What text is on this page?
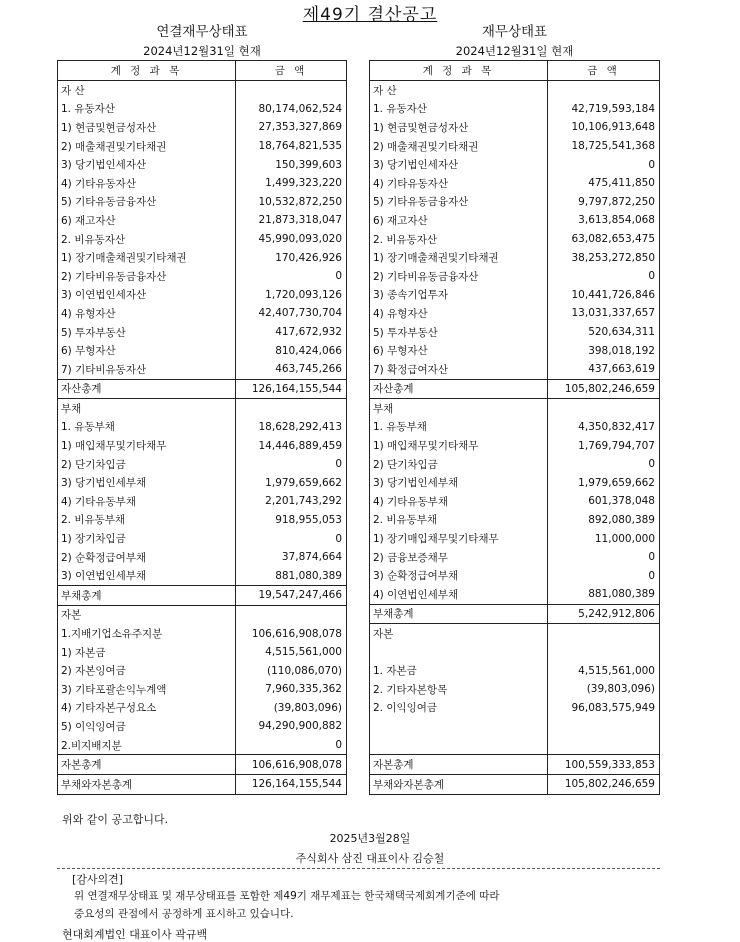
제49기 결산공고
연결재무상태표
2024년12월31일 현재
계 정 과 목	금 액
자 산	
1. 유동자산	80,174,062,524
1) 현금및현금성자산	27,353,327,869
2) 매출채권및기타채권	18,764,821,535
3) 당기법인세자산	150,399,603
4) 기타유동자산	1,499,323,220
5) 기타유동금융자산	10,532,872,250
6) 재고자산	21,873,318,047
2. 비유동자산	45,990,093,020
1) 장기매출채권및기타채권	170,426,926
2) 기타비유동금융자산	0
3) 이연법인세자산	1,720,093,126
4) 유형자산	42,407,730,704
5) 투자부동산	417,672,932
6) 무형자산	810,424,066
7) 기타비유동자산	463,745,266
자산총계	126,164,155,544
부채	
1. 유동부채	18,628,292,413
1) 매입채무및기타채무	14,446,889,459
2) 단기차입금	0
3) 당기법인세부채	1,979,659,662
4) 기타유동부채	2,201,743,292
2. 비유동부채	918,955,053
1) 장기차입금	0
2) 순확정급여부채	37,874,664
3) 이연법인세부채	881,080,389
부채총계	19,547,247,466
자본	
1.지배기업소유주지분	106,616,908,078
1) 자본금	4,515,561,000
2) 자본잉여금	(110,086,070)
3) 기타포괄손익누계액	7,960,335,362
4) 기타자본구성요소	(39,803,096)
5) 이익잉여금	94,290,900,882
2.비지배지분	0
자본총계	106,616,908,078
부채와자본총계	126,164,155,544
재무상태표
2024년12월31일 현재
계 정 과 목	금 액
자 산	
1. 유동자산	42,719,593,184
1) 현금및현금성자산	10,106,913,648
2) 매출채권및기타채권	18,725,541,368
3) 당기법인세자산	0
4) 기타유동자산	475,411,850
5) 기타유동금융자산	9,797,872,250
6) 재고자산	3,613,854,068
2. 비유동자산	63,082,653,475
1) 장기매출채권및기타채권	38,253,272,850
2) 기타비유동금융자산	0
3) 종속기업투자	10,441,726,846
4) 유형자산	13,031,337,657
5) 투자부동산	520,634,311
6) 무형자산	398,018,192
7) 확정급여자산	437,663,619
자산총계	105,802,246,659
부채	
1. 유동부채	4,350,832,417
1) 매입채무및기타채무	1,769,794,707
2) 단기차입금	0
3) 당기법인세부채	1,979,659,662
4) 기타유동부채	601,378,048
2. 비유동부채	892,080,389
1) 장기매입채무및기타채무	11,000,000
2) 금융보증채무	0
3) 순확정급여부채	0
4) 이연법인세부채	881,080,389
부채총계	5,242,912,806
자본	

1. 자본금	4,515,561,000
2. 기타자본항목	(39,803,096)
2. 이익잉여금	96,083,575,949

자본총계	100,559,333,853
부채와자본총계	105,802,246,659
위와 같이 공고합니다.
2025년3월28일
주식회사 삼진 대표이사 김승철
[감사의견]
위 연결재무상태표 및 재무상태표를 포함한 제49기 재무제표는 한국채택국제회계기준에 따라
중요성의 관점에서 공정하게 표시하고 있습니다.
현대회계법인 대표이사 곽규백
